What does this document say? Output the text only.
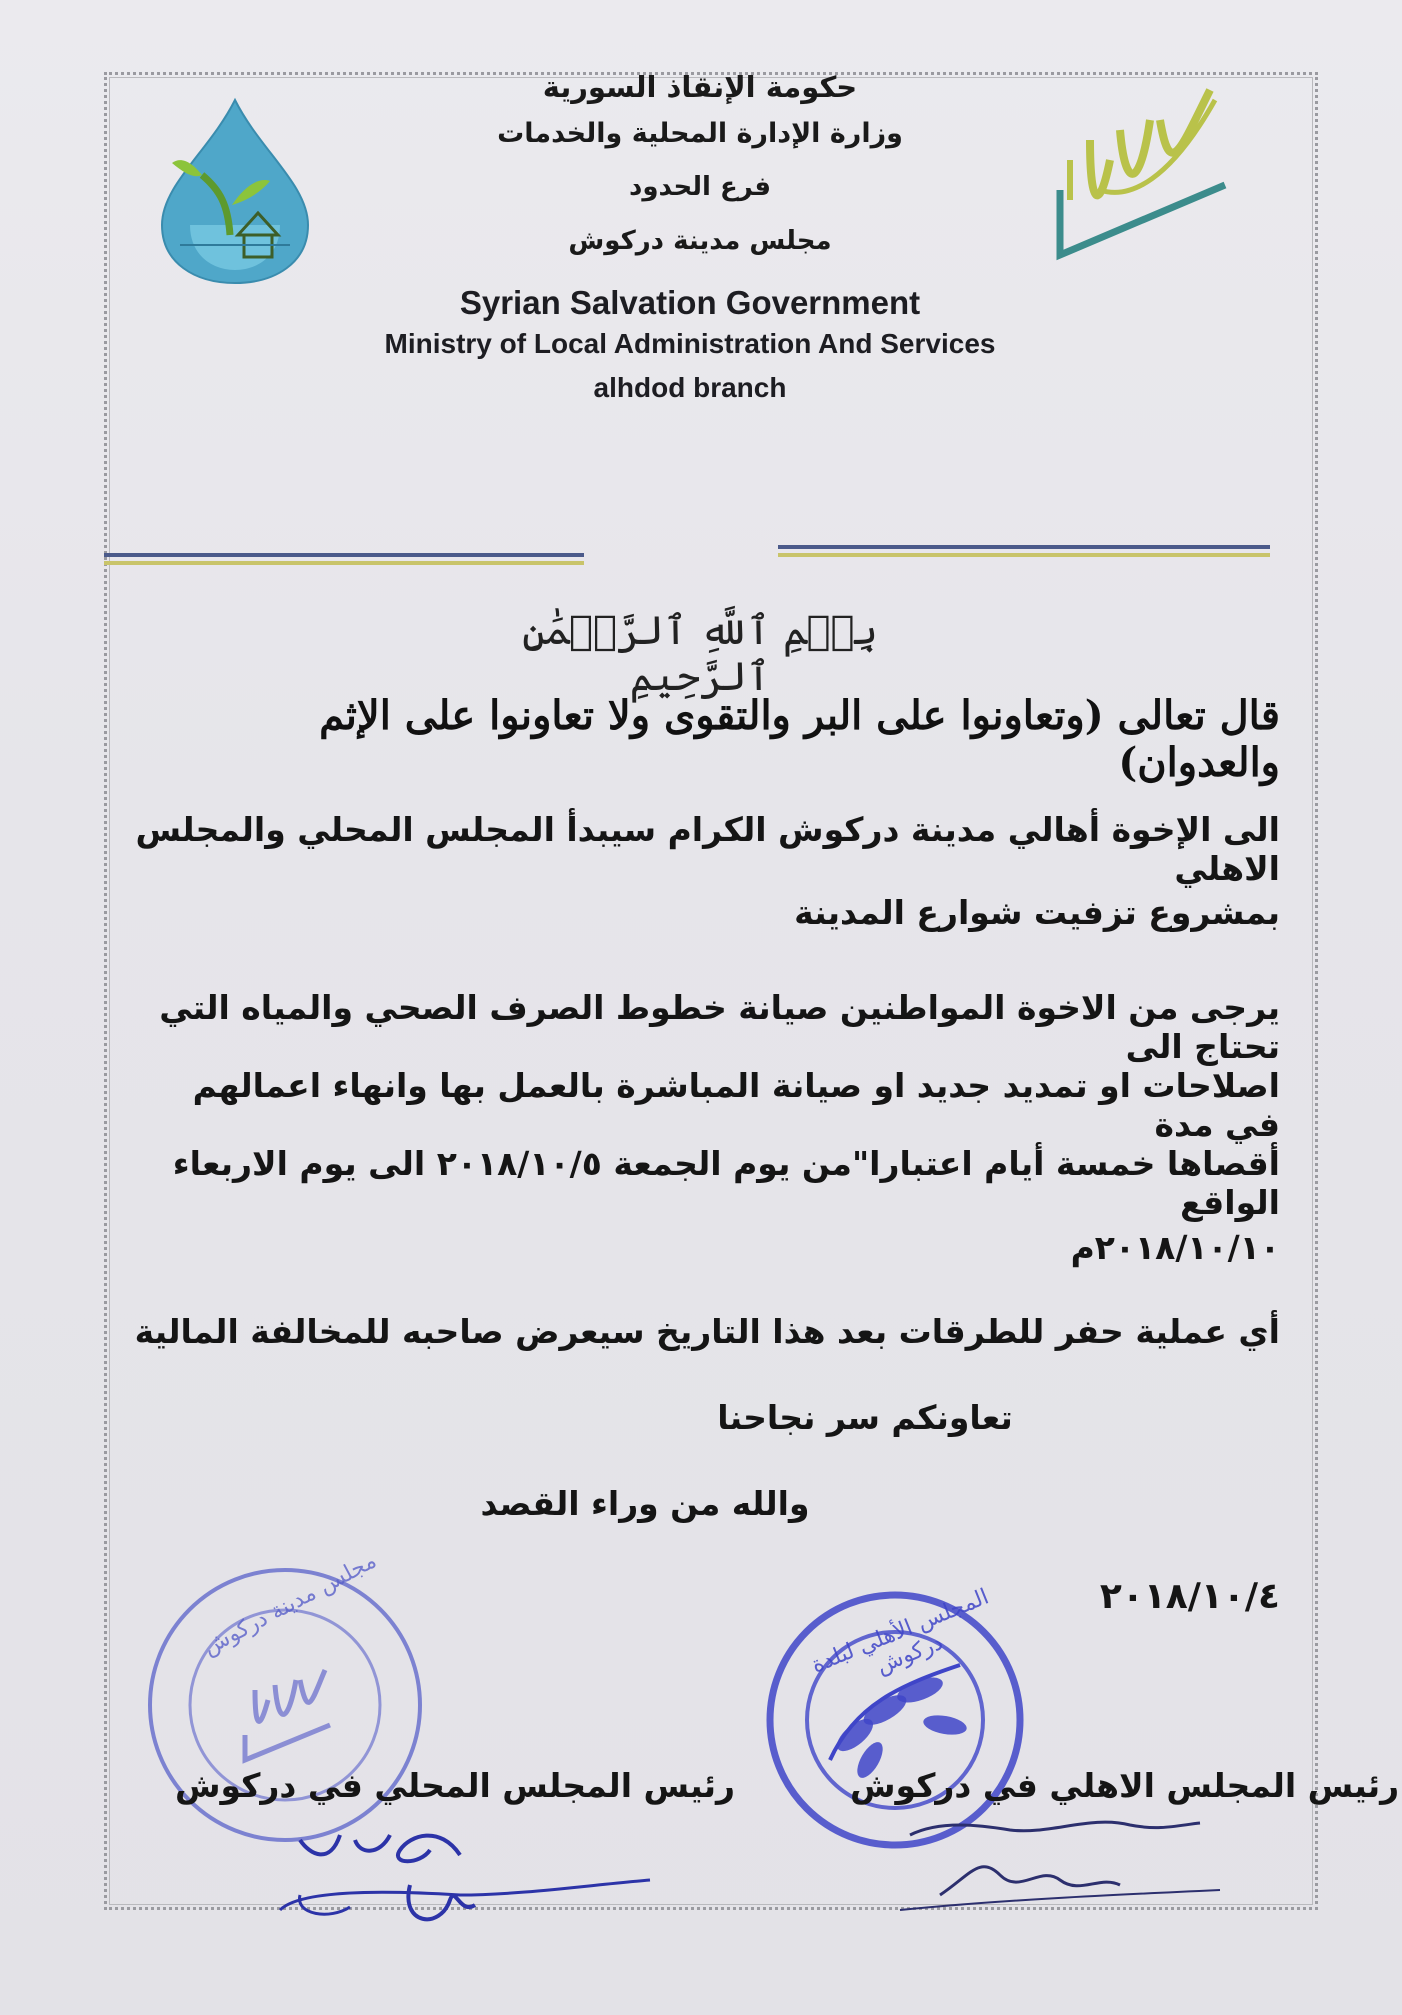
حكومة الإنقاذ السورية
وزارة الإدارة المحلية والخدمات
فرع الحدود
مجلس مدينة دركوش
Syrian Salvation Government
Ministry of Local Administration And Services
alhdod branch
بِسۡمِ ٱللَّهِ ٱلرَّحۡمَٰنِ ٱلرَّحِيمِ
قال تعالى (وتعاونوا على البر والتقوى ولا تعاونوا على الإثم والعدوان)
الى الإخوة أهالي مدينة دركوش الكرام سيبدأ المجلس المحلي والمجلس الاهلي
بمشروع تزفيت شوارع المدينة
يرجى من الاخوة المواطنين صيانة خطوط الصرف الصحي والمياه التي تحتاج الى
اصلاحات او تمديد جديد او صيانة المباشرة بالعمل بها وانهاء اعمالهم في مدة
أقصاها خمسة أيام اعتبارا"من يوم الجمعة ٢٠١٨/١٠/٥ الى يوم الاربعاء الواقع
٢٠١٨/١٠/١٠م
أي عملية حفر للطرقات بعد هذا التاريخ سيعرض صاحبه للمخالفة المالية
تعاونكم سر نجاحنا
والله من وراء القصد
٢٠١٨/١٠/٤
مجلس مدينة دركوش	المجلس الأهلي لبلدة دركوش
رئيس المجلس المحلي في دركوش	رئيس المجلس الاهلي في دركوش
